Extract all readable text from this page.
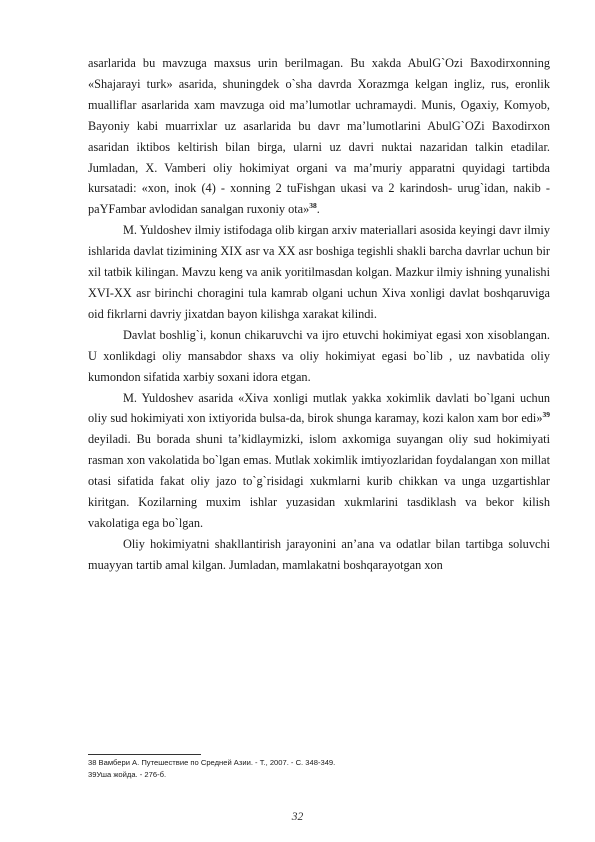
asarlarida bu mavzuga maxsus urin berilmagan. Bu xakda AbulG`Ozi Baxodirxonning «Shajarayi turk» asarida, shuningdek o`sha davrda Xorazmga kelgan ingliz, rus, eronlik mualliflar asarlarida xam mavzuga oid ma’lumotlar uchramaydi. Munis, Ogaxiy, Komyob, Bayoniy kabi muarrixlar uz asarlarida bu davr ma’lumotlarini AbulG`OZi Baxodirxon asaridan iktibos keltirish bilan birga, ularni uz davri nuktai nazaridan talkin etadilar. Jumladan, X. Vamberi oliy hokimiyat organi va ma’muriy apparatni quyidagi tartibda kursatadi: «xon, inok (4) - xonning 2 tuFishgan ukasi va 2 karindosh- urug`idan, nakib - paYFambar avlodidan sanalgan ruxoniy ota»$^{38}$.

M. Yuldoshev ilmiy istifodaga olib kirgan arxiv materiallari asosida keyingi davr ilmiy ishlarida davlat tizimining XIX asr va XX asr boshiga tegishli shakli barcha davrlar uchun bir xil tatbik kilingan. Mavzu keng va anik yoritilmasdan kolgan. Mazkur ilmiy ishning yunalishi XVI-XX asr birinchi choragini tula kamrab olgani uchun Xiva xonligi davlat boshqaruviga oid fikrlarni davriy jixatdan bayon kilishga xarakat kilindi.

Davlat boshlig`i, konun chikaruvchi va ijro etuvchi hokimiyat egasi xon xisoblangan. U xonlikdagi oliy mansabdor shaxs va oliy hokimiyat egasi bo`lib , uz navbatida oliy kumondon sifatida xarbiy soxani idora etgan.

M. Yuldoshev asarida «Xiva xonligi mutlak yakka xokimlik davlati bo`lgani uchun oliy sud hokimiyati xon ixtiyorida bulsa-da, birok shunga karamay, kozi kalon xam bor edi»$^{39}$ deyiladi. Bu borada shuni ta’kidlaymizki, islom axkomiga suyangan oliy sud hokimiyati rasman xon vakolatida bo`lgan emas. Mutlak xokimlik imtiyozlaridan foydalangan xon millat otasi sifatida fakat oliy jazo to`g`risidagi xukmlarni kurib chikkan va unga uzgartishlar kiritgan. Kozilarning muxim ishlar yuzasidan xukmlarini tasdiklash va bekor kilish vakolatiga ega bo`lgan.

Oliy hokimiyatni shakllantirish jarayonini an’ana va odatlar bilan tartibga soluvchi muayyan tartib amal kilgan. Jumladan, mamlakatni boshqarayotgan xon

38 Вамбери А. Путешествие по Средней Азии. - Т., 2007. - С. 348-349.
39Уша жойда. - 276-б.
32
